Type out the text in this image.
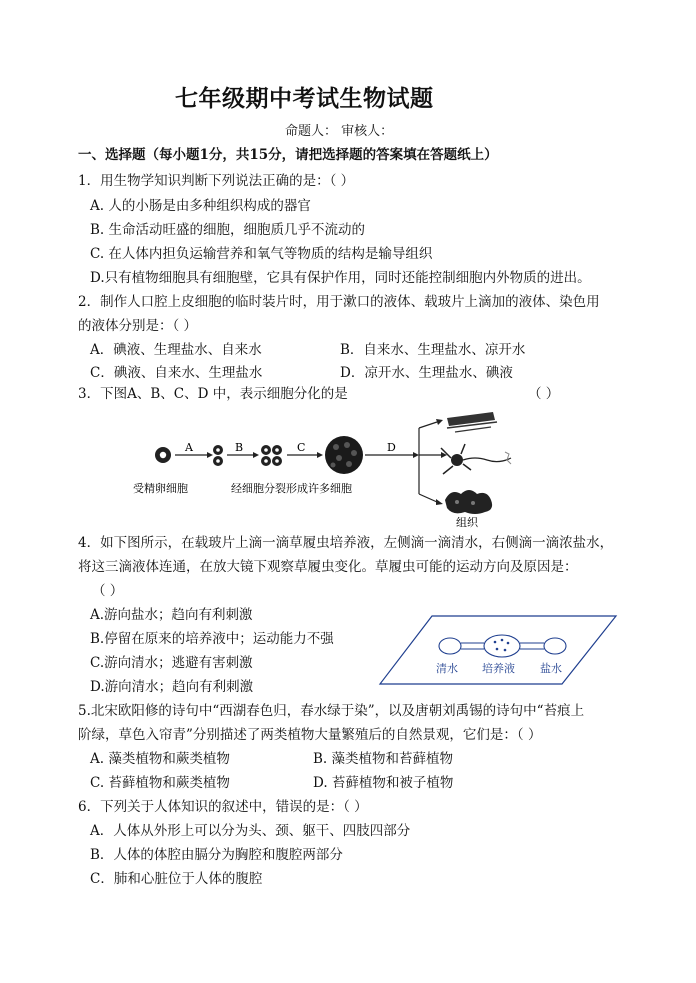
七年级期中考试生物试题
命题人： 审核人：
一、选择题（每小题1分，共15分，请把选择题的答案填在答题纸上）
1．用生物学知识判断下列说法正确的是：（ ）
A. 人的小肠是由多种组织构成的器官
B. 生命活动旺盛的细胞，细胞质几乎不流动的
C. 在人体内担负运输营养和氧气等物质的结构是输导组织
D.只有植物细胞具有细胞壁，它具有保护作用，同时还能控制细胞内外物质的进出。
2．制作人口腔上皮细胞的临时装片时，用于漱口的液体、载玻片上滴加的液体、染色用
的液体分别是：（ ）
A．碘液、生理盐水、自来水	B．自来水、生理盐水、凉开水
C．碘液、自来水、生理盐水	D．凉开水、生理盐水、碘液
3．下图A、B、C、D 中，表示细胞分化的是	（ ）
A	B	C	D
受精卵细胞	经细胞分裂形成许多细胞
组织
4．如下图所示，在载玻片上滴一滴草履虫培养液，左侧滴一滴清水，右侧滴一滴浓盐水，
将这三滴液体连通，在放大镜下观察草履虫变化。草履虫可能的运动方向及原因是：
（ ）
A.游向盐水；趋向有利刺激
B.停留在原来的培养液中；运动能力不强
C.游向清水；逃避有害刺激
D.游向清水；趋向有利刺激
清水 培养液 盐水
5.北宋欧阳修的诗句中“西湖春色归，春水绿于染”，以及唐朝刘禹锡的诗句中“苔痕上
阶绿，草色入帘青”分别描述了两类植物大量繁殖后的自然景观，它们是：（ ）
A. 藻类植物和蕨类植物	B. 藻类植物和苔藓植物
C. 苔藓植物和蕨类植物	D. 苔藓植物和被子植物
6．下列关于人体知识的叙述中，错误的是：（ ）
A．人体从外形上可以分为头、颈、躯干、四肢四部分
B．人体的体腔由膈分为胸腔和腹腔两部分
C．肺和心脏位于人体的腹腔
